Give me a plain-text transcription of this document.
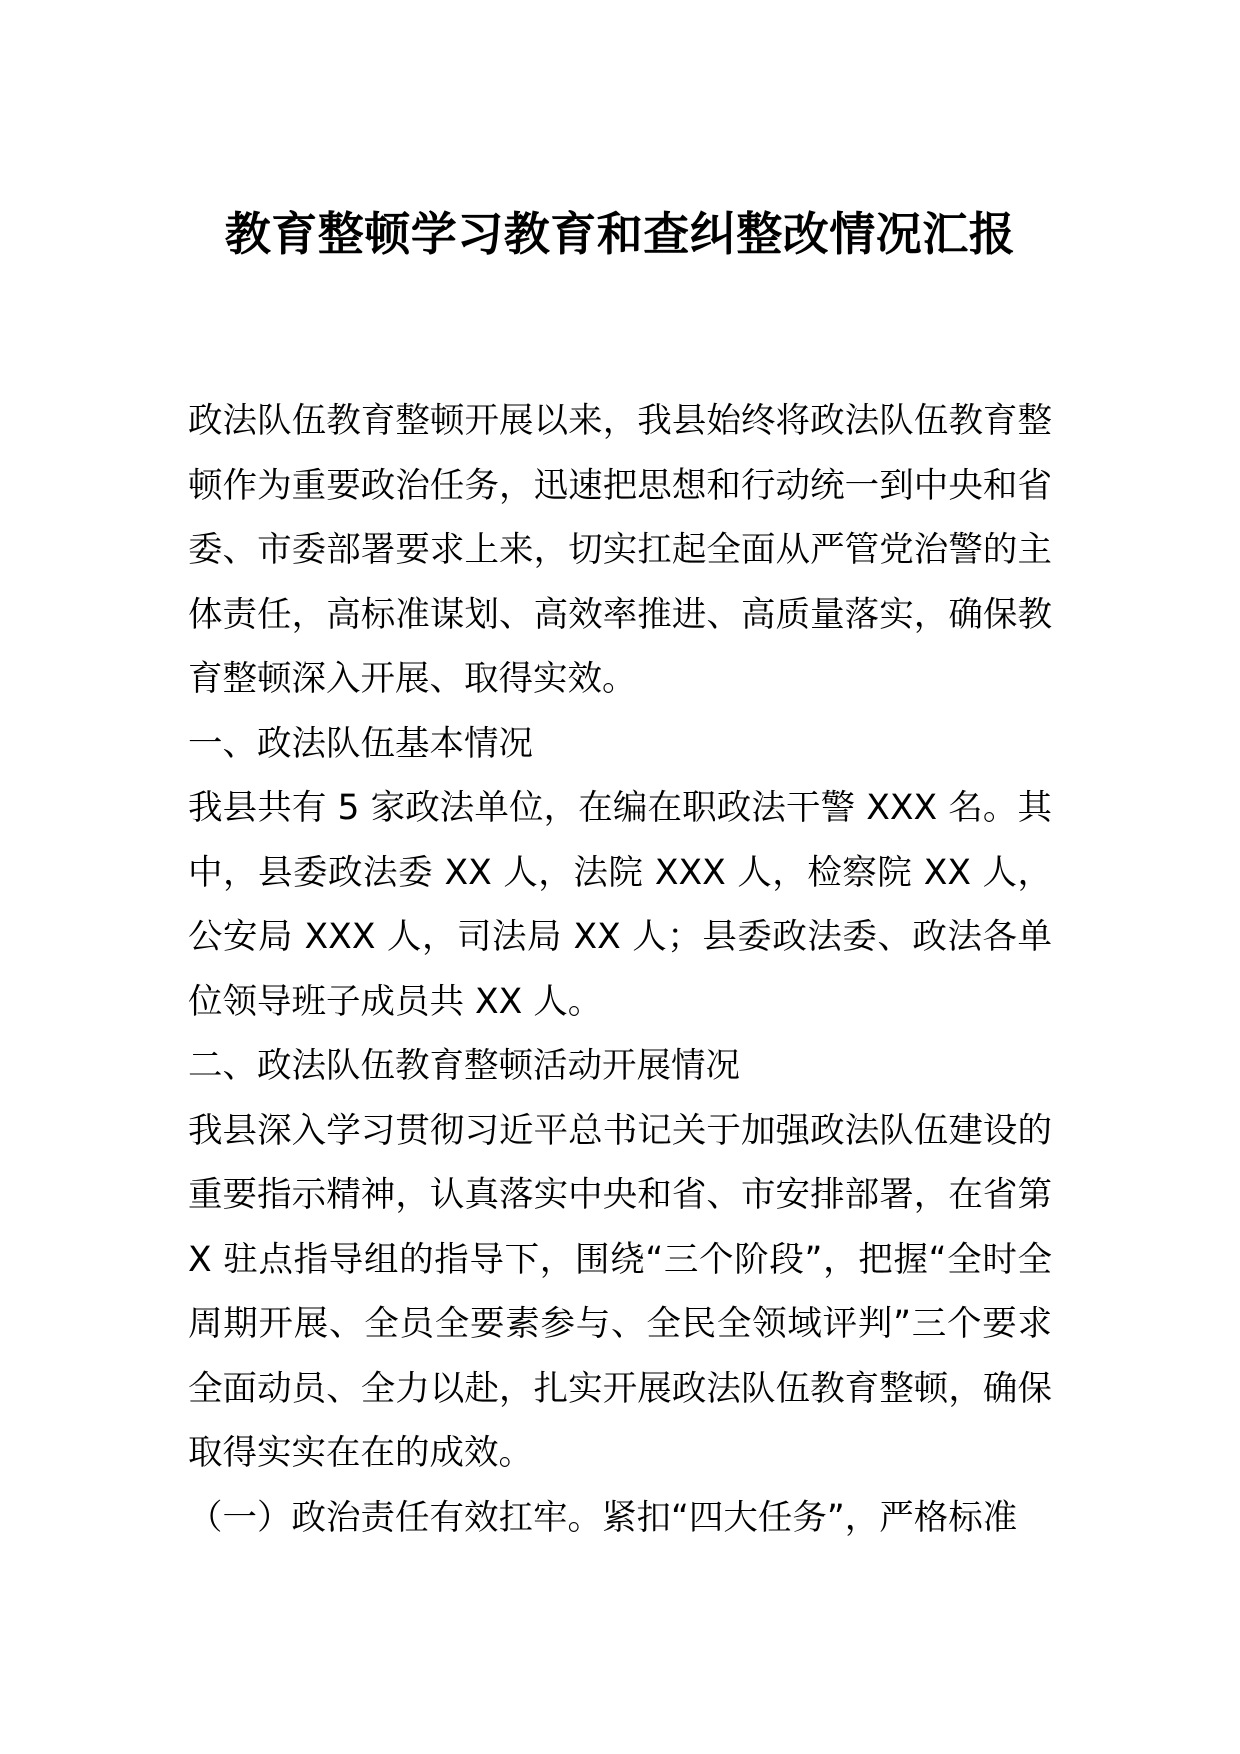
教育整顿学习教育和查纠整改情况汇报

政法队伍教育整顿开展以来，我县始终将政法队伍教育整顿作为重要政治任务，迅速把思想和行动统一到中央和省委、市委部署要求上来，切实扛起全面从严管党治警的主体责任，高标准谋划、高效率推进、高质量落实，确保教育整顿深入开展、取得实效。

一、政法队伍基本情况

我县共有 5 家政法单位，在编在职政法干警 XXX 名。其中，县委政法委 XX 人，法院 XXX 人，检察院 XX 人，公安局 XXX 人，司法局 XX 人；县委政法委、政法各单位领导班子成员共 XX 人。

二、政法队伍教育整顿活动开展情况

我县深入学习贯彻习近平总书记关于加强政法队伍建设的重要指示精神，认真落实中央和省、市安排部署，在省第 X 驻点指导组的指导下，围绕“三个阶段”，把握“全时全周期开展、全员全要素参与、全民全领域评判”三个要求全面动员、全力以赴，扎实开展政法队伍教育整顿，确保取得实实在在的成效。

（一）政治责任有效扛牢。紧扣“四大任务”，严格标准
